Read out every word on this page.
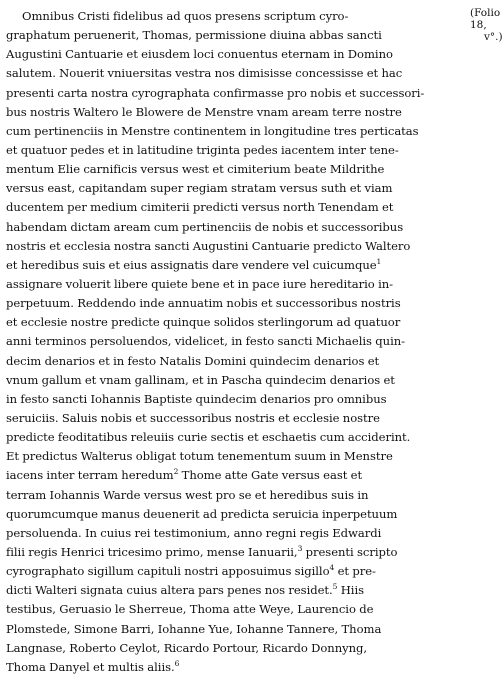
(Folio 18,
v°.)
Omnibus Cristi fidelibus ad quos presens scriptum cyro-
graphatum peruenerit, Thomas, permissione diuina abbas sancti
Augustini Cantuarie et eiusdem loci conuentus eternam in Domino
salutem. Nouerit vniuersitas vestra nos dimisisse concessisse et hac
presenti carta nostra cyrographata confirmasse pro nobis et successori-
bus nostris Waltero le Blowere de Menstre vnam aream terre nostre
cum pertinenciis in Menstre continentem in longitudine tres perticatas
et quatuor pedes et in latitudine triginta pedes iacentem inter tene-
mentum Elie carnificis versus west et cimiterium beate Mildrithe
versus east, capitandam super regiam stratam versus suth et viam
ducentem per medium cimiterii predicti versus north Tenendam et
habendam dictam aream cum pertinenciis de nobis et successoribus
nostris et ecclesia nostra sancti Augustini Cantuarie predicto Waltero
et heredibus suis et eius assignatis dare vendere vel cuicumque$^1$
assignare voluerit libere quiete bene et in pace iure hereditario in-
perpetuum. Reddendo inde annuatim nobis et successoribus nostris
et ecclesie nostre predicte quinque solidos sterlingorum ad quatuor
anni terminos persoluendos, videlicet, in festo sancti Michaelis quin-
decim denarios et in festo Natalis Domini quindecim denarios et
vnum gallum et vnam gallinam, et in Pascha quindecim denarios et
in festo sancti Iohannis Baptiste quindecim denarios pro omnibus
seruiciis. Saluis nobis et successoribus nostris et ecclesie nostre
predicte feoditatibus releuiis curie sectis et eschaetis cum acciderint.
Et predictus Walterus obligat totum tenementum suum in Menstre
iacens inter terram heredum$^2$ Thome atte Gate versus east et
terram Iohannis Warde versus west pro se et heredibus suis in
quorumcumque manus deuenerit ad predicta seruicia inperpetuum
persoluenda. In cuius rei testimonium, anno regni regis Edwardi
filii regis Henrici tricesimo primo, mense Ianuarii,$^3$ presenti scripto
cyrographato sigillum capituli nostri apposuimus sigillo$^4$ et pre-
dicti Walteri signata cuius altera pars penes nos residet.$^5$ Hiis
testibus, Geruasio le Sherreue, Thoma atte Weye, Laurencio de
Plomstede, Simone Barri, Iohanne Yue, Iohanne Tannere, Thoma
Langnase, Roberto Ceylot, Ricardo Portour, Ricardo Donnyng,
Thoma Danyel et multis aliis.$^6$
